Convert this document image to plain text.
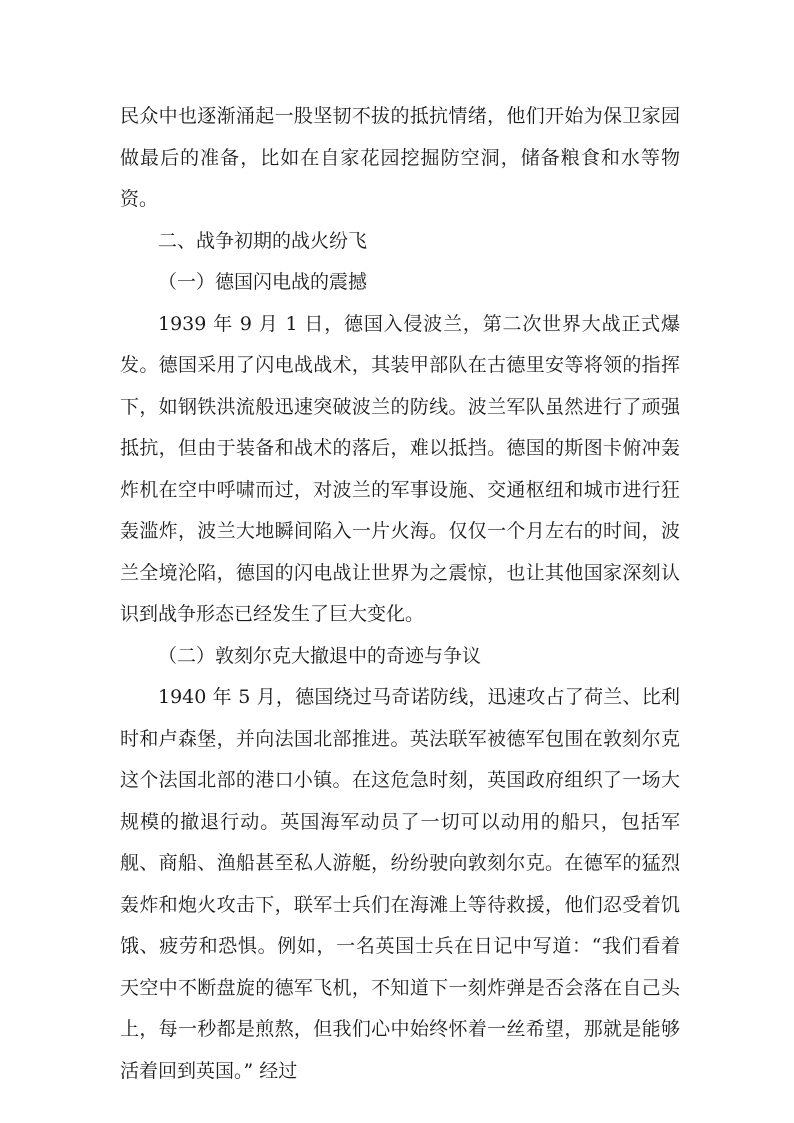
民众中也逐渐涌起一股坚韧不拔的抵抗情绪，他们开始为保卫家园做最后的准备，比如在自家花园挖掘防空洞，储备粮食和水等物资。

二、战争初期的战火纷飞

（一）德国闪电战的震撼

1939 年 9 月 1 日，德国入侵波兰，第二次世界大战正式爆发。德国采用了闪电战战术，其装甲部队在古德里安等将领的指挥下，如钢铁洪流般迅速突破波兰的防线。波兰军队虽然进行了顽强抵抗，但由于装备和战术的落后，难以抵挡。德国的斯图卡俯冲轰炸机在空中呼啸而过，对波兰的军事设施、交通枢纽和城市进行狂轰滥炸，波兰大地瞬间陷入一片火海。仅仅一个月左右的时间，波兰全境沦陷，德国的闪电战让世界为之震惊，也让其他国家深刻认识到战争形态已经发生了巨大变化。

（二）敦刻尔克大撤退中的奇迹与争议

1940 年 5 月，德国绕过马奇诺防线，迅速攻占了荷兰、比利时和卢森堡，并向法国北部推进。英法联军被德军包围在敦刻尔克这个法国北部的港口小镇。在这危急时刻，英国政府组织了一场大规模的撤退行动。英国海军动员了一切可以动用的船只，包括军舰、商船、渔船甚至私人游艇，纷纷驶向敦刻尔克。在德军的猛烈轰炸和炮火攻击下，联军士兵们在海滩上等待救援，他们忍受着饥饿、疲劳和恐惧。例如，一名英国士兵在日记中写道：“我们看着天空中不断盘旋的德军飞机，不知道下一刻炸弹是否会落在自己头上，每一秒都是煎熬，但我们心中始终怀着一丝希望，那就是能够活着回到英国。” 经过
